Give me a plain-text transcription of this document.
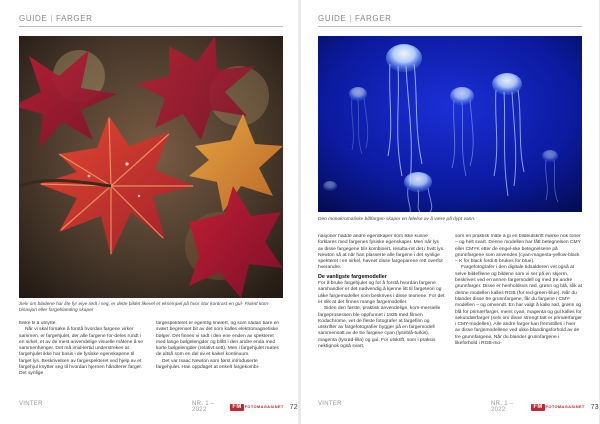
GUIDE | FARGER
Selv om bladene har lite fyr eiye rødt i seg, er dette bildet likevel et eksempel på hvor stor kontrast en gul- Fiolett kom-binasjon eller fargeblanding skaper

flinke til å utnytte.

Når vi skal forsøke å forstå hvordan fargene virker sammen, er fargehjulet, der alle fargene for-deles rundt i en sirkel, et av de mest anvendelige visuelle måtene å se sammenhenger. Det må imid-lertid understrekes at fargehjulet ikke har basis i de fysiske egenskapene til farget lys. Beskrivelsen av fargespekteret ved hjelp av et fargehjul knytter seg til hvordan hjernen håndterer farger. Det synlige

fargespekteret er egentlig lineært, og som sådan bare en svært begrenset bit av det som kalles elektromagnetiske bølger. Det finnes vi rødt i den ene enden av spekteret med lange bølgelengder og blått i den andre enda med korte bølgelengder (relativt sett). Men i fargehjulet møtes de altså som en del av et kaikel kontinuum.

Det var Isaac Newton som først introduserte fargehjulet. Han oppdaget at enkelt fargekombi-

VINTER	NR. 1 – 2022
FM FOTOMAGASINET 72
GUIDE | FARGER
Den monokromatiske blåfargen skaper en følelse av å være på dypt vann.

nasjoner hadde andre egenskaper som ikke kunne forklares med fargenes fysiske egenskaper. Men når lys av disse fargegene blir kombinert, resulta-ret det i hvitt lys. Newton så at når han plasserte alle fargene i det synlige spekteret i en sirkel, havnet disse fargeparene rett overfor hverandre.

De vanligste fargemodeller

For å bruke fargehjulet og for å forstå hvordan fargene samhandler er det nødvendig å kjenne litt til fargeteori og ulike fargemodeller som beskrives i disse teoriene. For det er slik at det finnes mange fargemodeller.

Siden den første, praktisk anvendelige, kom-mersielle fargeprosessen ble oppfunnet i 1935 med filmen Kodachrome, vet de fleste fotografer at fargefilm og utskrifter av fargefotografier bygger på en fargemodell sammensatt av de tre fargene cyan (lyseblå-turkis), magenta (lysrød-lilla) og gul. For utskrift, som i praksis nektignok også svart,

som en praktisk måte å gi en bildeutskrift mørke nok toner – og helt svart. Denne modellen har fått betegnelsen CMY eller CMYK etter de engel-ske betegnelsene på grunnfargene som anvendes (cyan-magenta-yellow-black – K for black fordi B brukes for blue).

Fargefotografer i den digitale tidsalderen vet også at selve bildefilene og bildene som vi ser på en skjerm, beskrives ved en annen fargemodell og med tre andre grunnfarger. Disse er henholdsvis rød, grønn og blå, slik at denne modellen kalles RGB (for red-green-blue). Når du blander disse tre grunnfargene, får du fargene i CMY-modellen – og omvendt. En har valgt å kalle rød, grønn og blå for primærfarger, mens cyan, magenta og gul kalles for sekundærfarger (selv om disse strengt tatt er primærfarger i CMY-modellen). Alle andre farger kan fremstilles i hver av disse fargemodellene ved ulike blandingsforhold av de tre grunnfargene. Når du blander grunnfargene i likeforhold i RGB-mo-

VINTER	NR. 1 – 2022
FM FOTOMAGASINET 73
